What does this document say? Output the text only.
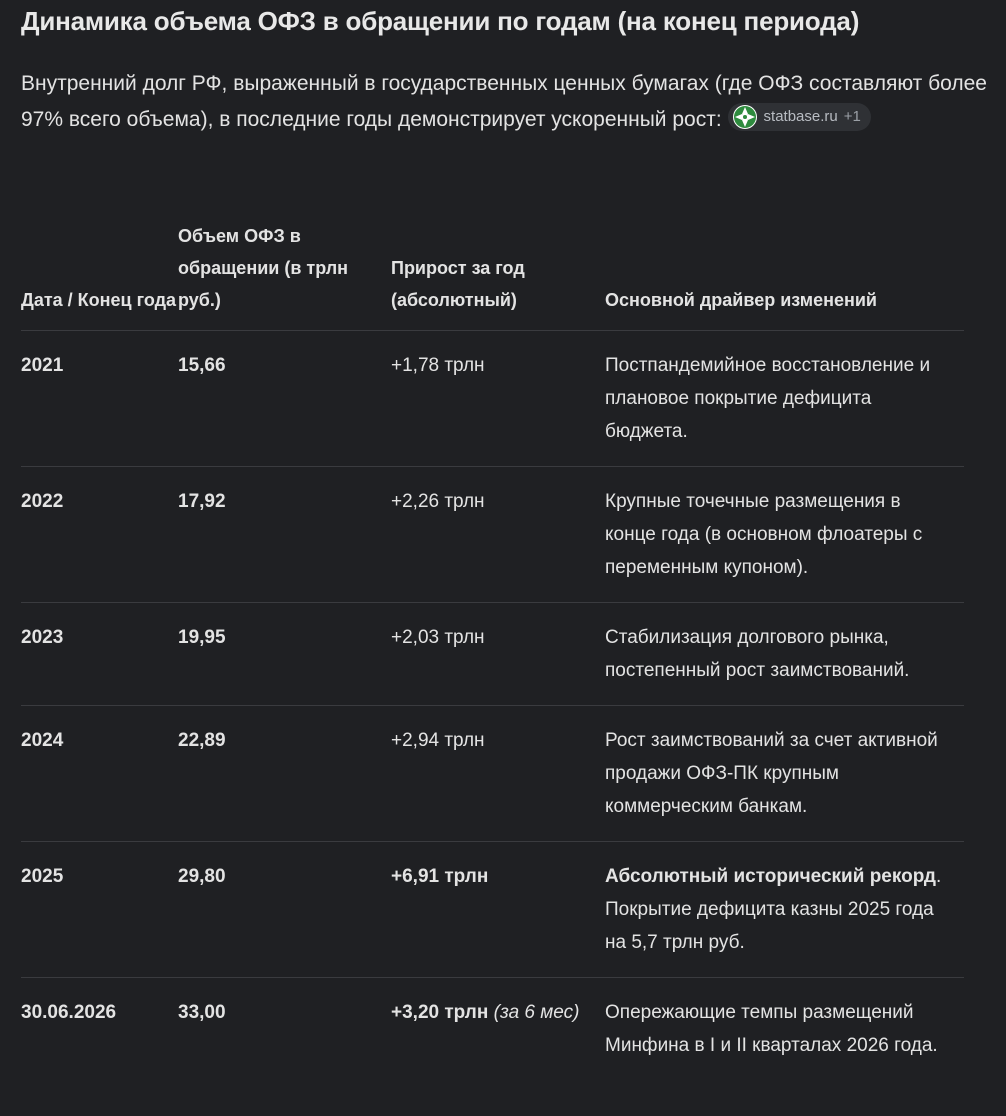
Динамика объема ОФЗ в обращении по годам (на конец периода)
Внутренний долг РФ, выраженный в государственных ценных бумагах (где ОФЗ составляют более 97% всего объема), в последние годы демонстрирует ускоренный рост:	statbase.ru +1
Дата / Конец года	Объем ОФЗ в обращении (в трлн руб.)	Прирост за год (абсолютный)	Основной драйвер изменений
2021	15,66	+1,78 трлн	Постпандемийное восстановление и плановое покрытие дефицита бюджета.
2022	17,92	+2,26 трлн	Крупные точечные размещения в конце года (в основном флоатеры с переменным купоном).
2023	19,95	+2,03 трлн	Стабилизация долгового рынка, постепенный рост заимствований.
2024	22,89	+2,94 трлн	Рост заимствований за счет активной продажи ОФЗ-ПК крупным коммерческим банкам.
2025	29,80	+6,91 трлн	Абсолютный исторический рекорд. Покрытие дефицита казны 2025 года на 5,7 трлн руб.
30.06.2026	33,00	+3,20 трлн (за 6 мес)	Опережающие темпы размещений Минфина в I и II кварталах 2026 года.
